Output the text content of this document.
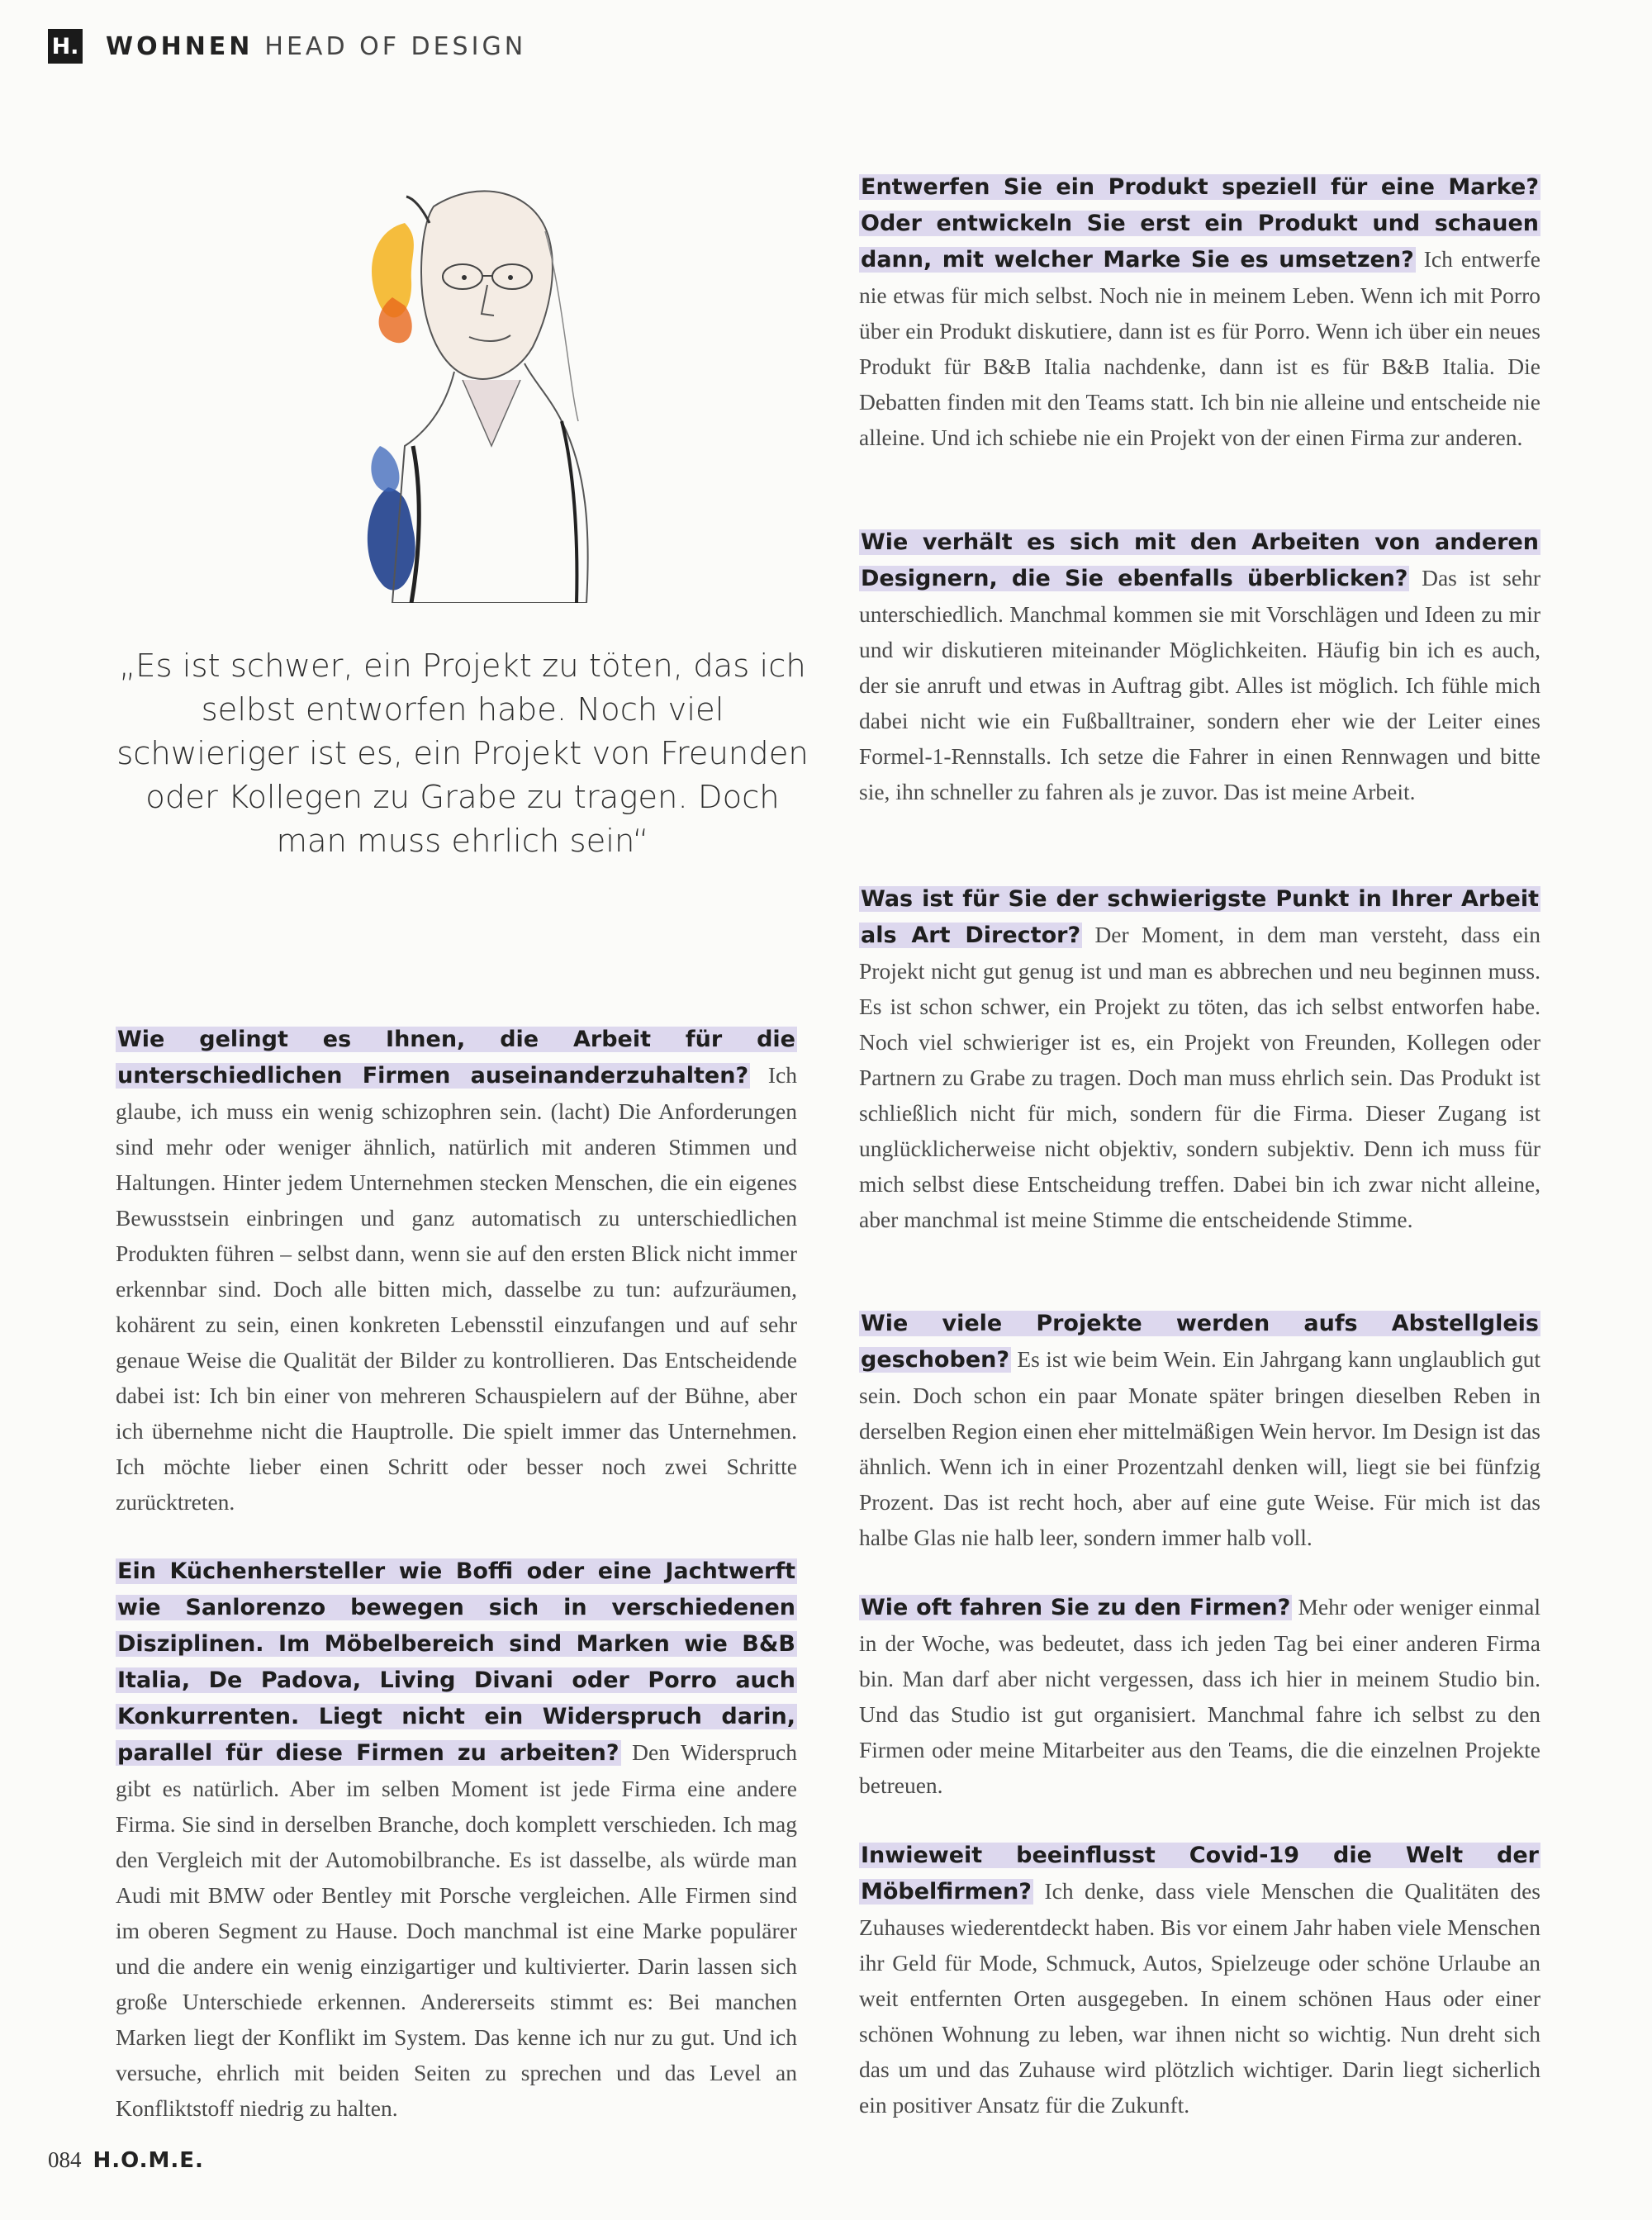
H. WOHNEN HEAD OF DESIGN
„Es ist schwer, ein Projekt zu töten, das ich selbst entworfen habe. Noch viel schwieriger ist es, ein Projekt von Freunden oder Kollegen zu Grabe zu tragen. Doch man muss ehrlich sein“

Wie gelingt es Ihnen, die Arbeit für die unterschiedlichen Firmen auseinanderzuhalten? Ich glaube, ich muss ein wenig schizophren sein. (lacht) Die Anforderungen sind mehr oder weniger ähnlich, natürlich mit anderen Stimmen und Haltungen. Hinter jedem Unternehmen stecken Menschen, die ein eigenes Bewusstsein einbringen und ganz automatisch zu unterschiedlichen Produkten führen – selbst dann, wenn sie auf den ersten Blick nicht immer erkennbar sind. Doch alle bitten mich, dasselbe zu tun: aufzuräumen, kohärent zu sein, einen konkreten Lebensstil einzufangen und auf sehr genaue Weise die Qualität der Bilder zu kontrollieren. Das Entscheidende dabei ist: Ich bin einer von mehreren Schauspielern auf der Bühne, aber ich übernehme nicht die Hauptrolle. Die spielt immer das Unternehmen. Ich möchte lieber einen Schritt oder besser noch zwei Schritte zurücktreten.

Ein Küchenhersteller wie Boffi oder eine Jachtwerft wie Sanlorenzo bewegen sich in verschiedenen Disziplinen. Im Möbelbereich sind Marken wie B&B Italia, De Padova, Living Divani oder Porro auch Konkurrenten. Liegt nicht ein Widerspruch darin, parallel für diese Firmen zu arbeiten? Den Widerspruch gibt es natürlich. Aber im selben Moment ist jede Firma eine andere Firma. Sie sind in derselben Branche, doch komplett verschieden. Ich mag den Vergleich mit der Automobilbranche. Es ist dasselbe, als würde man Audi mit BMW oder Bentley mit Porsche vergleichen. Alle Firmen sind im oberen Segment zu Hause. Doch manchmal ist eine Marke populärer und die andere ein wenig einzigartiger und kultivierter. Darin lassen sich große Unterschiede erkennen. Andererseits stimmt es: Bei manchen Marken liegt der Konflikt im System. Das kenne ich nur zu gut. Und ich versuche, ehrlich mit beiden Seiten zu sprechen und das Level an Konfliktstoff niedrig zu halten.

Entwerfen Sie ein Produkt speziell für eine Marke? Oder entwickeln Sie erst ein Produkt und schauen dann, mit welcher Marke Sie es umsetzen? Ich entwerfe nie etwas für mich selbst. Noch nie in meinem Leben. Wenn ich mit Porro über ein Produkt diskutiere, dann ist es für Porro. Wenn ich über ein neues Produkt für B&B Italia nachdenke, dann ist es für B&B Italia. Die Debatten finden mit den Teams statt. Ich bin nie alleine und entscheide nie alleine. Und ich schiebe nie ein Projekt von der einen Firma zur anderen.

Wie verhält es sich mit den Arbeiten von anderen Designern, die Sie ebenfalls überblicken? Das ist sehr unterschiedlich. Manchmal kommen sie mit Vorschlägen und Ideen zu mir und wir diskutieren miteinander Möglichkeiten. Häufig bin ich es auch, der sie anruft und etwas in Auftrag gibt. Alles ist möglich. Ich fühle mich dabei nicht wie ein Fußballtrainer, sondern eher wie der Leiter eines Formel-1-Rennstalls. Ich setze die Fahrer in einen Rennwagen und bitte sie, ihn schneller zu fahren als je zuvor. Das ist meine Arbeit.

Was ist für Sie der schwierigste Punkt in Ihrer Arbeit als Art Director? Der Moment, in dem man versteht, dass ein Projekt nicht gut genug ist und man es abbrechen und neu beginnen muss. Es ist schon schwer, ein Projekt zu töten, das ich selbst entworfen habe. Noch viel schwieriger ist es, ein Projekt von Freunden, Kollegen oder Partnern zu Grabe zu tragen. Doch man muss ehrlich sein. Das Produkt ist schließlich nicht für mich, sondern für die Firma. Dieser Zugang ist unglücklicherweise nicht objektiv, sondern subjektiv. Denn ich muss für mich selbst diese Entscheidung treffen. Dabei bin ich zwar nicht alleine, aber manchmal ist meine Stimme die entscheidende Stimme.

Wie viele Projekte werden aufs Abstellgleis geschoben? Es ist wie beim Wein. Ein Jahrgang kann unglaublich gut sein. Doch schon ein paar Monate später bringen dieselben Reben in derselben Region einen eher mittelmäßigen Wein hervor. Im Design ist das ähnlich. Wenn ich in einer Prozentzahl denken will, liegt sie bei fünfzig Prozent. Das ist recht hoch, aber auf eine gute Weise. Für mich ist das halbe Glas nie halb leer, sondern immer halb voll.

Wie oft fahren Sie zu den Firmen? Mehr oder weniger einmal in der Woche, was bedeutet, dass ich jeden Tag bei einer anderen Firma bin. Man darf aber nicht vergessen, dass ich hier in meinem Studio bin. Und das Studio ist gut organisiert. Manchmal fahre ich selbst zu den Firmen oder meine Mitarbeiter aus den Teams, die die einzelnen Projekte betreuen.

Inwieweit beeinflusst Covid-19 die Welt der Möbelfirmen? Ich denke, dass viele Menschen die Qualitäten des Zuhauses wiederentdeckt haben. Bis vor einem Jahr haben viele Menschen ihr Geld für Mode, Schmuck, Autos, Spielzeuge oder schöne Urlaube an weit entfernten Orten ausgegeben. In einem schönen Haus oder einer schönen Wohnung zu leben, war ihnen nicht so wichtig. Nun dreht sich das um und das Zuhause wird plötzlich wichtiger. Darin liegt sicherlich ein positiver Ansatz für die Zukunft.

084 H.O.M.E.
